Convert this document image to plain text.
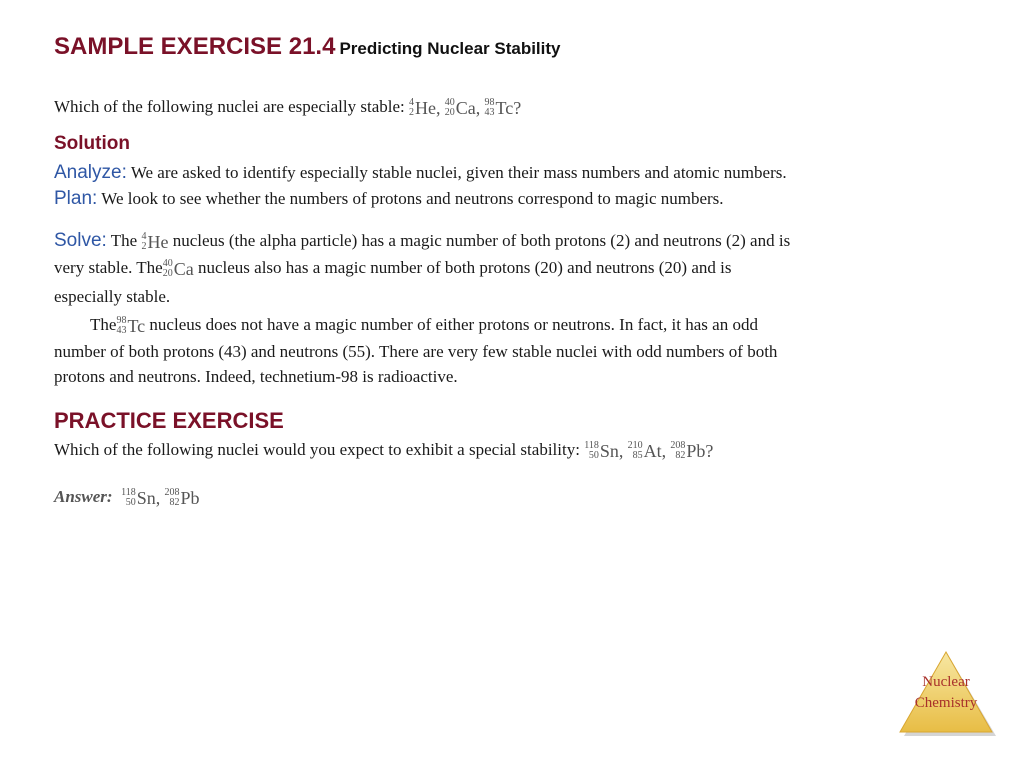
SAMPLE EXERCISE 21.4 Predicting Nuclear Stability
Which of the following nuclei are especially stable: 4
2 He ,
40
20 Ca ,
98
43 Tc ?
Solution
Analyze: We are asked to identify especially stable nuclei, given their mass numbers and atomic numbers.
Plan: We look to see whether the numbers of protons and neutrons correspond to magic numbers.
Solve: The 4
2 He nucleus (the alpha particle) has a magic number of both protons (2) and neutrons (2) and is
very stable. The 40
20 Ca nucleus also has a magic number of both protons (20) and neutrons (20) and is
especially stable.
The 98
43 Tc nucleus does not have a magic number of either protons or neutrons. In fact, it has an odd
number of both protons (43) and neutrons (55). There are very few stable nuclei with odd numbers of both
protons and neutrons. Indeed, technetium-98 is radioactive.
PRACTICE EXERCISE
Which of the following nuclei would you expect to exhibit a special stability: 118
50 Sn ,
210
85 At ,
208
82 Pb ?
Answer: 118
50 Sn ,
208
82 Pb
Nuclear
Chemistry
